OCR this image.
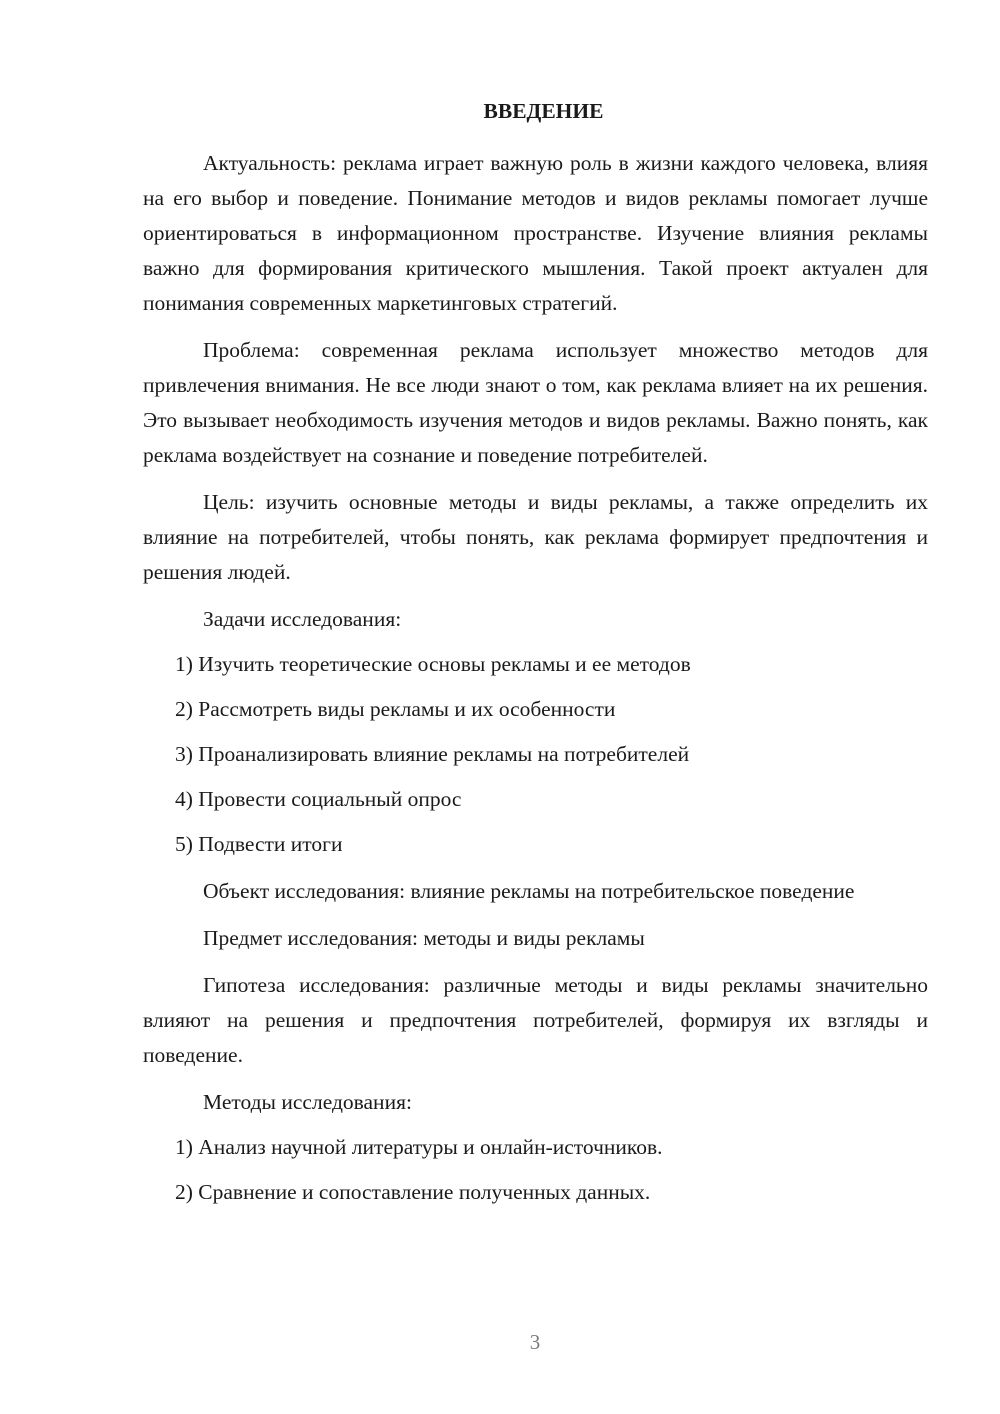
ВВЕДЕНИЕ

Актуальность: реклама играет важную роль в жизни каждого человека, влияя на его выбор и поведение. Понимание методов и видов рекламы помогает лучше ориентироваться в информационном пространстве. Изучение влияния рекламы важно для формирования критического мышления. Такой проект актуален для понимания современных маркетинговых стратегий.

Проблема: современная реклама использует множество методов для привлечения внимания. Не все люди знают о том, как реклама влияет на их решения. Это вызывает необходимость изучения методов и видов рекламы. Важно понять, как реклама воздействует на сознание и поведение потребителей.

Цель: изучить основные методы и виды рекламы, а также определить их влияние на потребителей, чтобы понять, как реклама формирует предпочтения и решения людей.

Задачи исследования:

1) Изучить теоретические основы рекламы и ее методов

2) Рассмотреть виды рекламы и их особенности

3) Проанализировать влияние рекламы на потребителей

4) Провести социальный опрос

5) Подвести итоги

Объект исследования: влияние рекламы на потребительское поведение

Предмет исследования: методы и виды рекламы

Гипотеза исследования: различные методы и виды рекламы значительно влияют на решения и предпочтения потребителей, формируя их взгляды и поведение.

Методы исследования:

1) Анализ научной литературы и онлайн-источников.

2) Сравнение и сопоставление полученных данных.

3
